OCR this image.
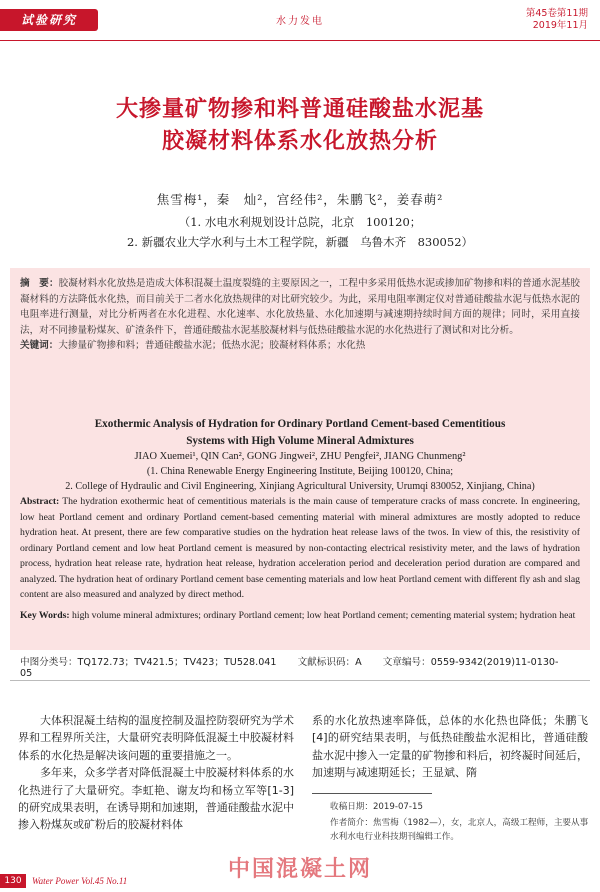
试验研究	水力发电
第45卷第11期
2019年11月
大掺量矿物掺和料普通硅酸盐水泥基
胶凝材料体系水化放热分析
焦雪梅¹，秦　灿²，宫经伟²，朱鹏飞²，姜春萌²
（1. 水电水利规划设计总院，北京　100120；
2. 新疆农业大学水利与土木工程学院，新疆　乌鲁木齐　830052）
摘　要：胶凝材料水化放热是造成大体积混凝土温度裂缝的主要原因之一，工程中多采用低热水泥或掺加矿物掺和料的普通水泥基胶凝材料的方法降低水化热，而目前关于二者水化放热规律的对比研究较少。为此，采用电阻率测定仪对普通硅酸盐水泥与低热水泥的电阻率进行测量，对比分析两者在水化进程、水化速率、水化放热量、水化加速期与减速期持续时间方面的规律；同时，采用直接法，对不同掺量粉煤灰、矿渣条件下，普通硅酸盐水泥基胶凝材料与低热硅酸盐水泥的水化热进行了测试和对比分析。
关键词：大掺量矿物掺和料；普通硅酸盐水泥；低热水泥；胶凝材料体系；水化热
Exothermic Analysis of Hydration for Ordinary Portland Cement-based Cementitious
Systems with High Volume Mineral Admixtures
JIAO Xuemei¹, QIN Can², GONG Jingwei², ZHU Pengfei², JIANG Chunmeng²
(1. China Renewable Energy Engineering Institute, Beijing 100120, China;
2. College of Hydraulic and Civil Engineering, Xinjiang Agricultural University, Urumqi 830052, Xinjiang, China)
Abstract: The hydration exothermic heat of cementitious materials is the main cause of temperature cracks of mass concrete. In engineering, low heat Portland cement and ordinary Portland cement-based cementing material with mineral admixtures are mostly adopted to reduce hydration heat. At present, there are few comparative studies on the hydration heat release laws of the twos. In view of this, the resistivity of ordinary Portland cement and low heat Portland cement is measured by non-contacting electrical resistivity meter, and the laws of hydration process, hydration heat release rate, hydration heat release, hydration acceleration period and deceleration period duration are compared and analyzed. The hydration heat of ordinary Portland cement base cementing materials and low heat Portland cement with different fly ash and slag content are also measured and analyzed by direct method.
Key Words: high volume mineral admixtures; ordinary Portland cement; low heat Portland cement; cementing material system; hydration heat
中图分类号：TQ172.73；TV421.5；TV423；TU528.041 文献标识码：A 文章编号：0559-9342(2019)11-0130-05

大体积混凝土结构的温度控制及温控防裂研究为学术界和工程界所关注，大量研究表明降低混凝土中胶凝材料体系的水化热是解决该问题的重要措施之一。

多年来，众多学者对降低混凝土中胶凝材料体系的水化热进行了大量研究。李虹艳、谢友均和杨立军等[1-3]的研究成果表明，在诱导期和加速期，普通硅酸盐水泥中掺入粉煤灰或矿粉后的胶凝材料体

系的水化放热速率降低，总体的水化热也降低；朱鹏飞[4]的研究结果表明，与低热硅酸盐水泥相比，普通硅酸盐水泥中掺入一定量的矿物掺和料后，初终凝时间延后，加速期与减速期延长；王显斌、隋

收稿日期：2019-07-15
作者简介：焦雪梅（1982—），女，北京人，高级工程师，主要从事水利水电行业科技期刊编辑工作。
中国混凝土网
130	Water Power Vol.45 No.11
